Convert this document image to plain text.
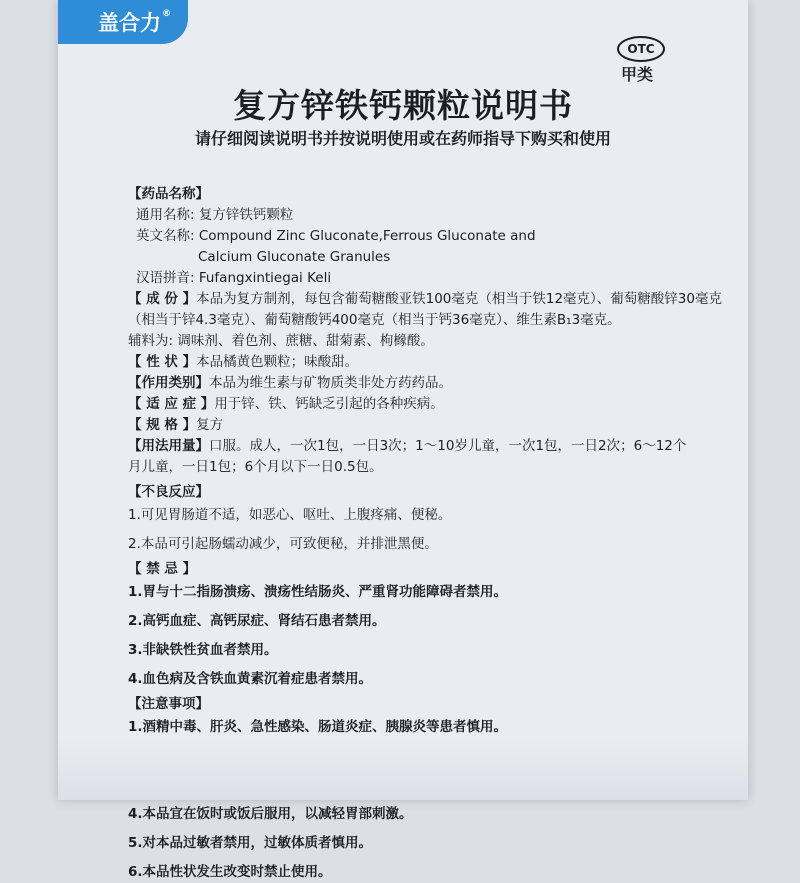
盖合力 ®
OTC
甲类
复方锌铁钙颗粒说明书
请仔细阅读说明书并按说明使用或在药师指导下购买和使用

【药品名称】

通用名称: 复方锌铁钙颗粒

英文名称: Compound Zinc Gluconate,Ferrous Gluconate and

Calcium Gluconate Granules

汉语拼音: Fufangxintiegai Keli

【 成 份 】本品为复方制剂，每包含葡萄糖酸亚铁100毫克（相当于铁12毫克）、葡萄糖酸锌30毫克（相当于锌4.3毫克）、葡萄糖酸钙400毫克（相当于钙36毫克）、维生素B₁3毫克。

辅料为: 调味剂、着色剂、蔗糖、甜菊素、枸橼酸。

【 性 状 】本品橘黄色颗粒；味酸甜。

【作用类别】本品为维生素与矿物质类非处方药药品。

【 适 应 症 】用于锌、铁、钙缺乏引起的各种疾病。

【 规 格 】复方

【用法用量】口服。成人，一次1包，一日3次；1～10岁儿童，一次1包，一日2次；6～12个

月儿童，一日1包；6个月以下一日0.5包。

【不良反应】

1.可见胃肠道不适，如恶心、呕吐、上腹疼痛、便秘。

2.本品可引起肠蠕动减少，可致便秘，并排泄黑便。

【 禁 忌 】

1.胃与十二指肠溃疡、溃疡性结肠炎、严重肾功能障碍者禁用。

2.高钙血症、高钙尿症、肾结石患者禁用。

3.非缺铁性贫血者禁用。

4.血色病及含铁血黄素沉着症患者禁用。

【注意事项】

1.酒精中毒、肝炎、急性感染、肠道炎症、胰腺炎等患者慎用。

4.本品宜在饭时或饭后服用，以减轻胃部刺激。

5.对本品过敏者禁用，过敏体质者慎用。

6.本品性状发生改变时禁止使用。
